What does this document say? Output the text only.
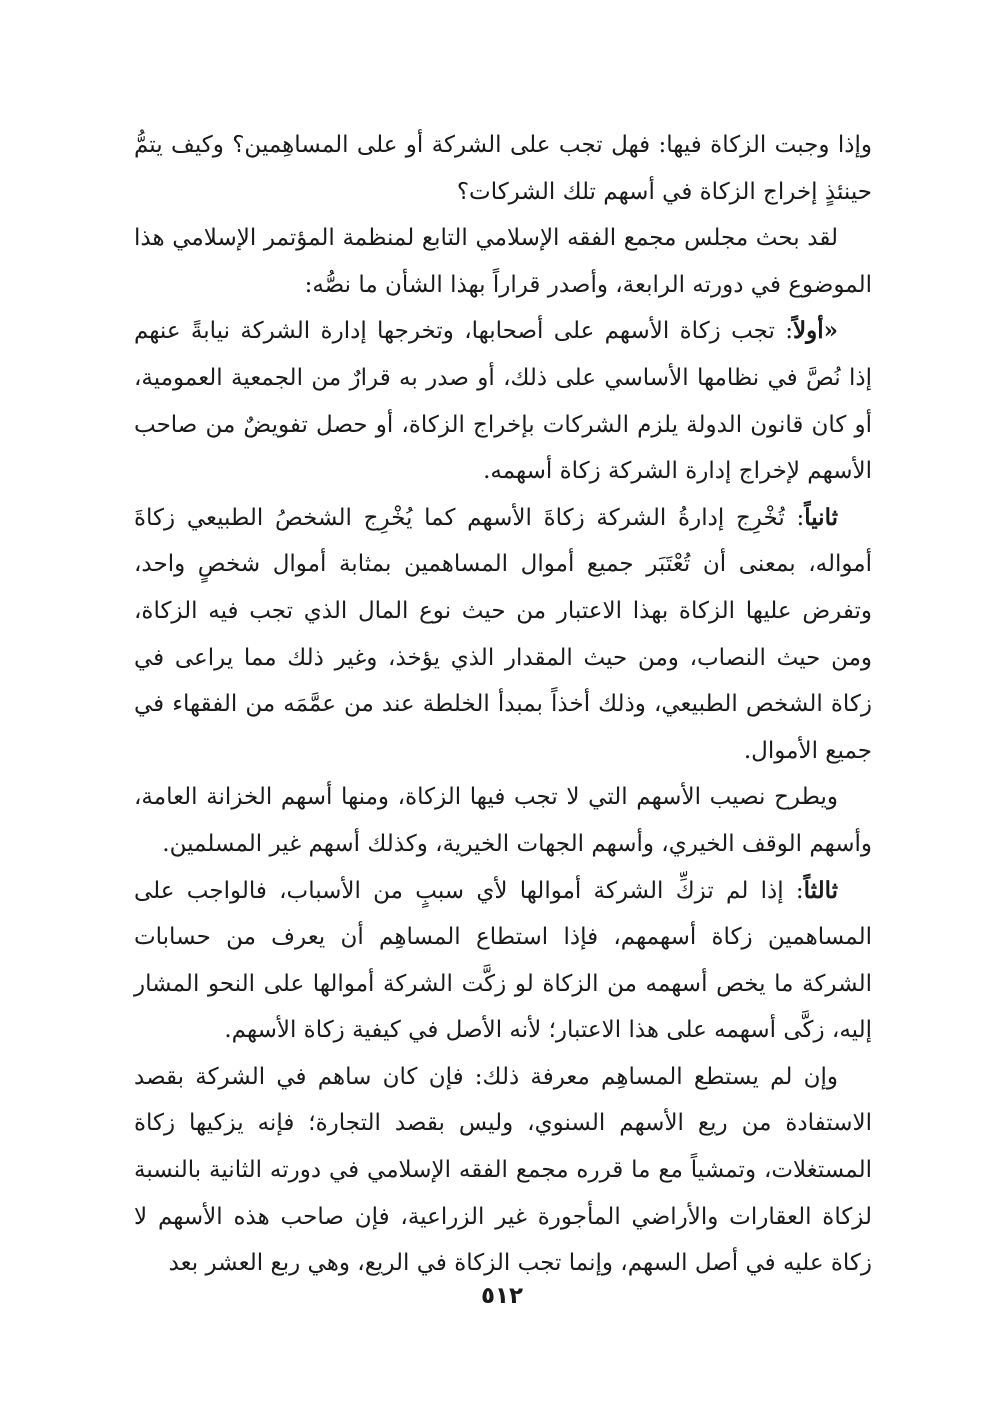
وإذا وجبت الزكاة فيها: فهل تجب على الشركة أو على المساهِمين؟ وكيف يتمُّ حينئذٍ إخراج الزكاة في أسهم تلك الشركات؟

لقد بحث مجلس مجمع الفقه الإسلامي التابع لمنظمة المؤتمر الإسلامي هذا الموضوع في دورته الرابعة، وأصدر قراراً بهذا الشأن ما نصُّه:

«أولاً: تجب زكاة الأسهم على أصحابها، وتخرجها إدارة الشركة نيابةً عنهم إذا نُصَّ في نظامها الأساسي على ذلك، أو صدر به قرارٌ من الجمعية العمومية، أو كان قانون الدولة يلزم الشركات بإخراج الزكاة، أو حصل تفويضٌ من صاحب الأسهم لإخراج إدارة الشركة زكاة أسهمه.

ثانياً: تُخْرِج إدارةُ الشركة زكاةَ الأسهم كما يُخْرِج الشخصُ الطبيعي زكاةَ أمواله، بمعنى أن تُعْتَبَر جميع أموال المساهمين بمثابة أموال شخصٍ واحد، وتفرض عليها الزكاة بهذا الاعتبار من حيث نوع المال الذي تجب فيه الزكاة، ومن حيث النصاب، ومن حيث المقدار الذي يؤخذ، وغير ذلك مما يراعى في زكاة الشخص الطبيعي، وذلك أخذاً بمبدأ الخلطة عند من عمَّمَه من الفقهاء في جميع الأموال.

ويطرح نصيب الأسهم التي لا تجب فيها الزكاة، ومنها أسهم الخزانة العامة، وأسهم الوقف الخيري، وأسهم الجهات الخيرية، وكذلك أسهم غير المسلمين.

ثالثاً: إذا لم تزكِّ الشركة أموالها لأي سببٍ من الأسباب، فالواجب على المساهمين زكاة أسهمهم، فإذا استطاع المساهِم أن يعرف من حسابات الشركة ما يخص أسهمه من الزكاة لو زكَّت الشركة أموالها على النحو المشار إليه، زكَّى أسهمه على هذا الاعتبار؛ لأنه الأصل في كيفية زكاة الأسهم.

وإن لم يستطع المساهِم معرفة ذلك: فإن كان ساهم في الشركة بقصد الاستفادة من ريع الأسهم السنوي، وليس بقصد التجارة؛ فإنه يزكيها زكاة المستغلات، وتمشياً مع ما قرره مجمع الفقه الإسلامي في دورته الثانية بالنسبة لزكاة العقارات والأراضي المأجورة غير الزراعية، فإن صاحب هذه الأسهم لا زكاة عليه في أصل السهم، وإنما تجب الزكاة في الريع، وهي ربع العشر بعد

٥١٢
